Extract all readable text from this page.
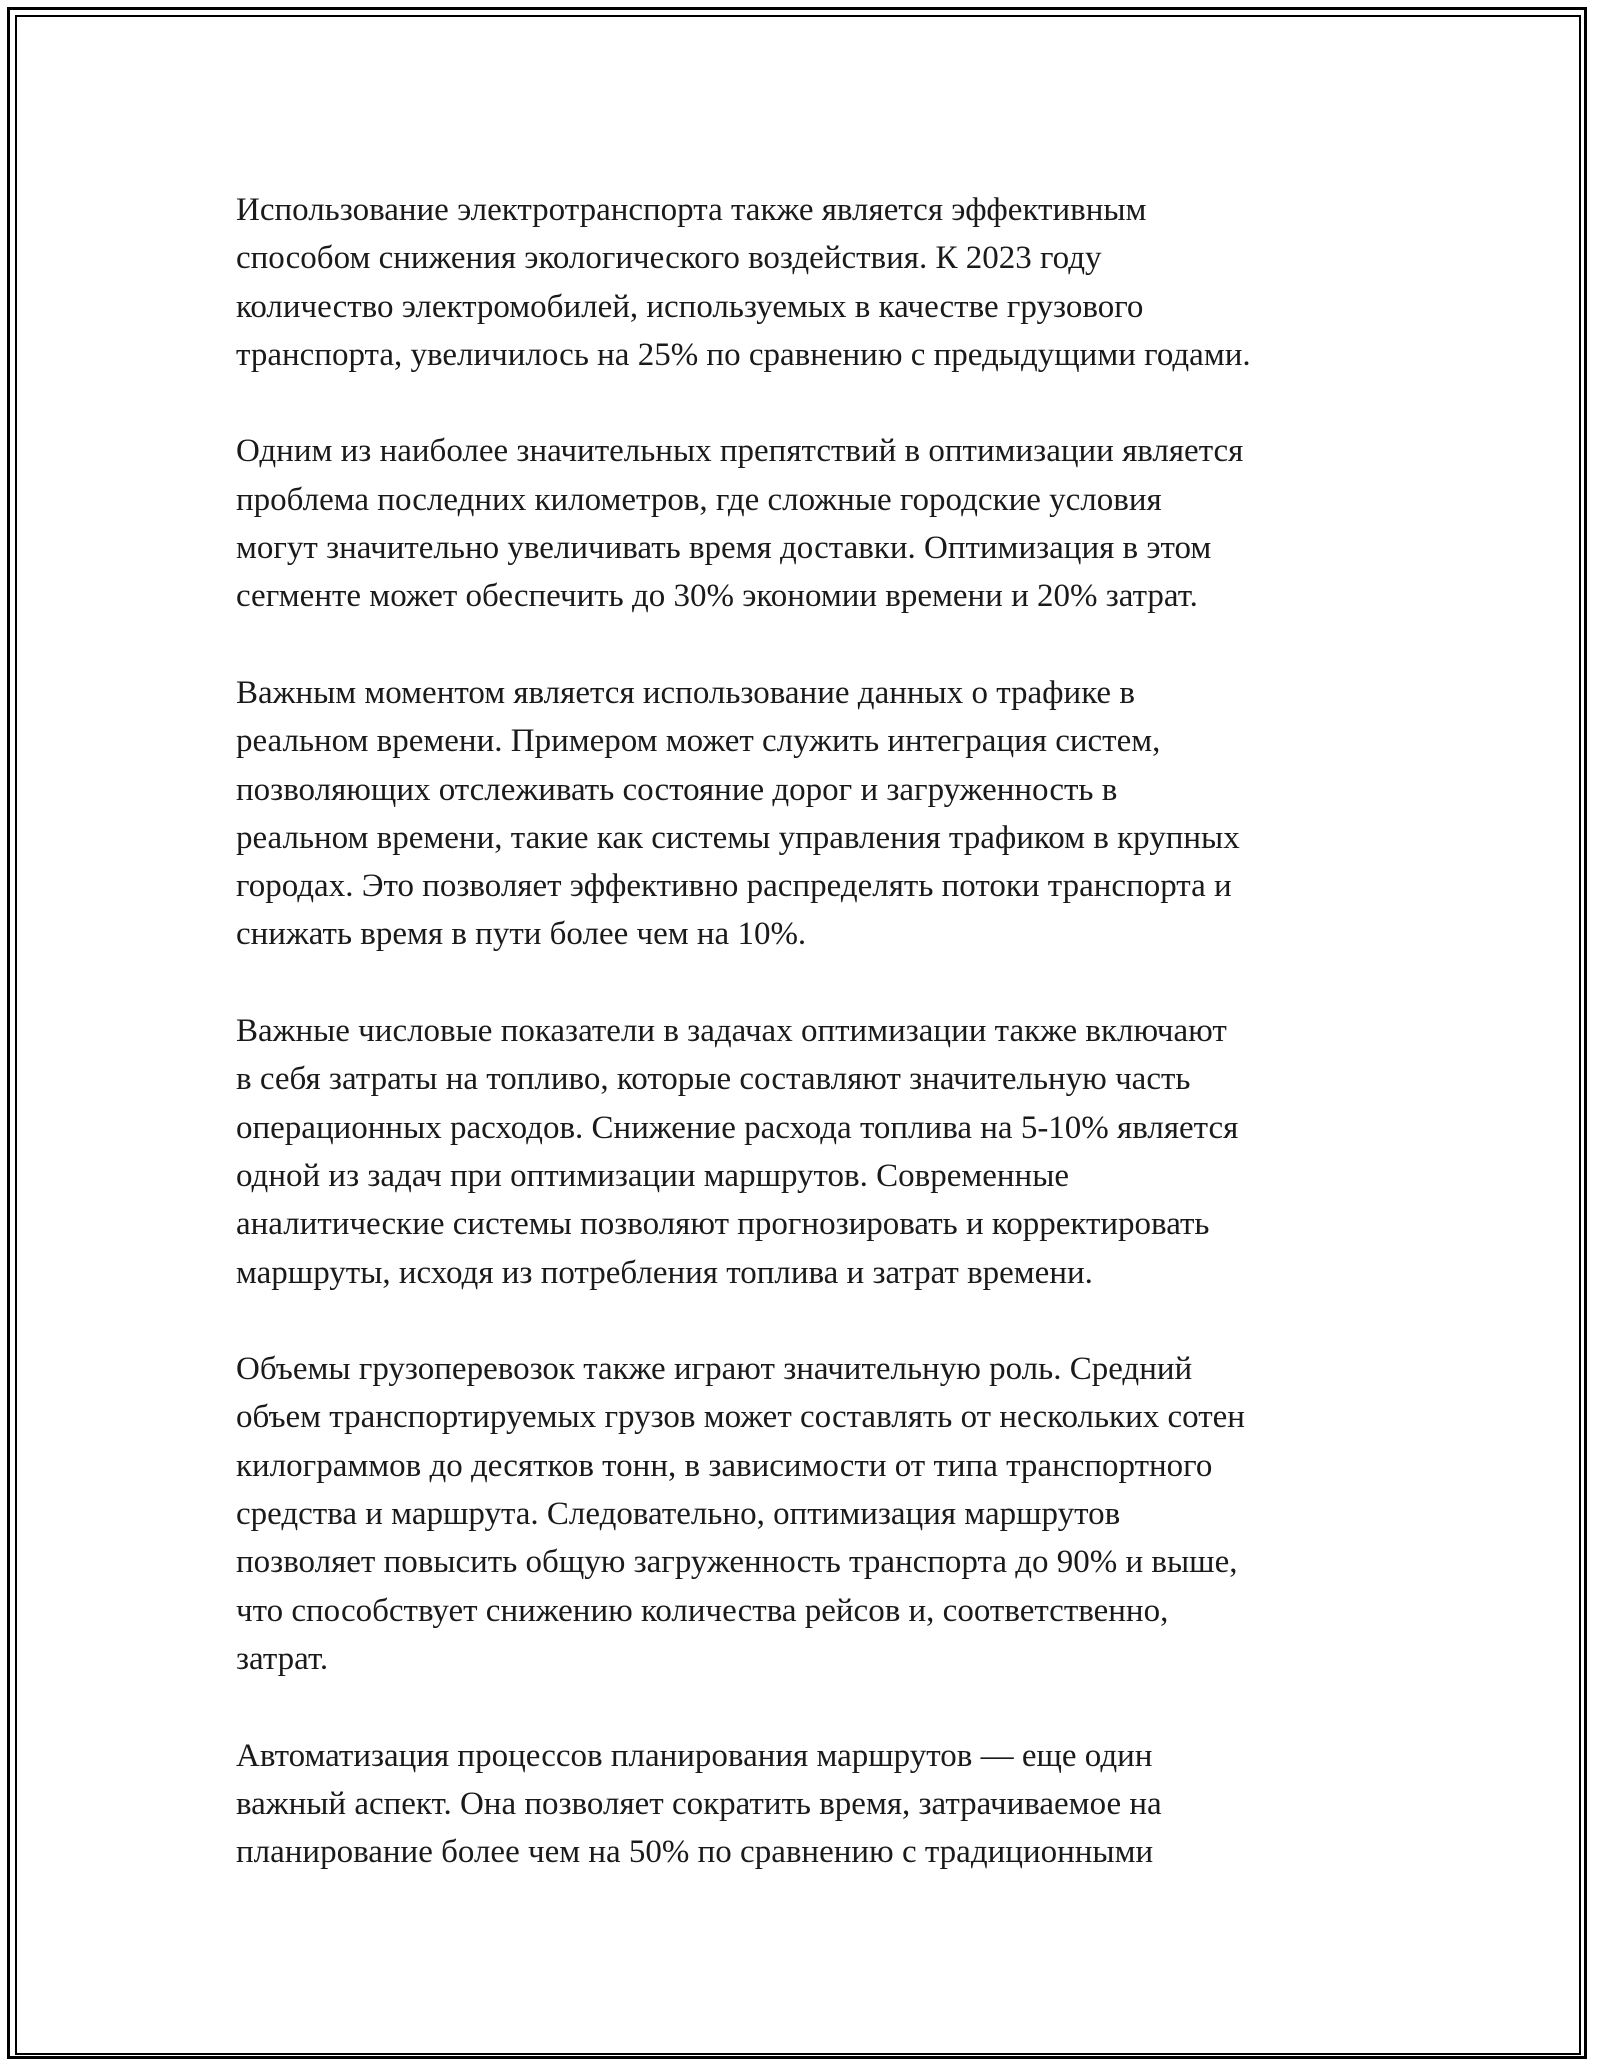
Использование электротранспорта также является эффективным
способом снижения экологического воздействия. К 2023 году
количество электромобилей, используемых в качестве грузового
транспорта, увеличилось на 25% по сравнению с предыдущими годами.

Одним из наиболее значительных препятствий в оптимизации является
проблема последних километров, где сложные городские условия
могут значительно увеличивать время доставки. Оптимизация в этом
сегменте может обеспечить до 30% экономии времени и 20% затрат.

Важным моментом является использование данных о трафике в
реальном времени. Примером может служить интеграция систем,
позволяющих отслеживать состояние дорог и загруженность в
реальном времени, такие как системы управления трафиком в крупных
городах. Это позволяет эффективно распределять потоки транспорта и
снижать время в пути более чем на 10%.

Важные числовые показатели в задачах оптимизации также включают
в себя затраты на топливо, которые составляют значительную часть
операционных расходов. Снижение расхода топлива на 5-10% является
одной из задач при оптимизации маршрутов. Современные
аналитические системы позволяют прогнозировать и корректировать
маршруты, исходя из потребления топлива и затрат времени.

Объемы грузоперевозок также играют значительную роль. Средний
объем транспортируемых грузов может составлять от нескольких сотен
килограммов до десятков тонн, в зависимости от типа транспортного
средства и маршрута. Следовательно, оптимизация маршрутов
позволяет повысить общую загруженность транспорта до 90% и выше,
что способствует снижению количества рейсов и, соответственно,
затрат.

Автоматизация процессов планирования маршрутов — еще один
важный аспект. Она позволяет сократить время, затрачиваемое на
планирование более чем на 50% по сравнению с традиционными
